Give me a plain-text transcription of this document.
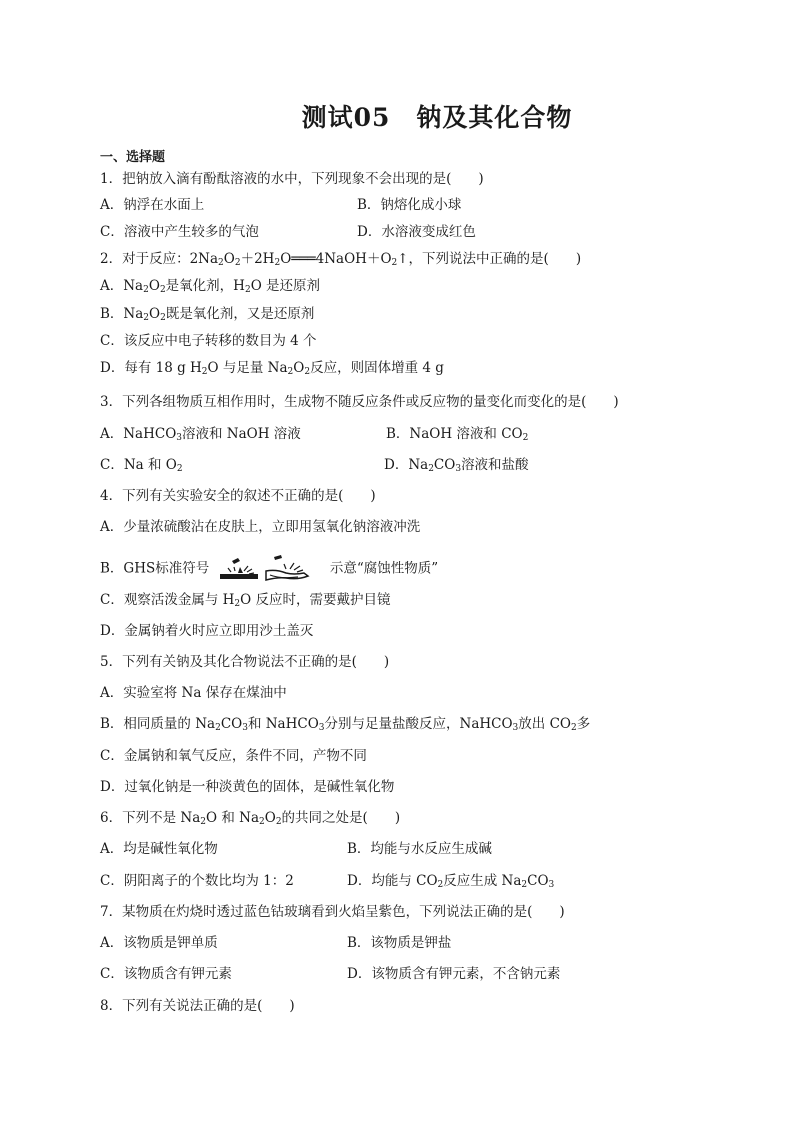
测试05　钠及其化合物
一、选择题
1．把钠放入滴有酚酞溶液的水中，下列现象不会出现的是(　　)
A．钠浮在水面上	B．钠熔化成小球
C．溶液中产生较多的气泡	D．水溶液变成红色
2．对于反应：$2Na_2O_2+2H_2O═══4NaOH+O_2↑$，下列说法中正确的是(　　)
A．$Na_2O_2$是氧化剂，$H_2O$ 是还原剂
B．$Na_2O_2$既是氧化剂，又是还原剂
C．该反应中电子转移的数目为 4 个
D．每有 18 g $H_2O$ 与足量 $Na_2O_2$反应，则固体增重 4 g
3．下列各组物质互相作用时，生成物不随反应条件或反应物的量变化而变化的是(　　)
A．NaHCO$_3$溶液和 NaOH 溶液	B．NaOH 溶液和 $CO_2$
C．Na 和 $O_2$	D．$Na_2CO_3$溶液和盐酸
4．下列有关实验安全的叙述不正确的是(　　)
A．少量浓硫酸沾在皮肤上，立即用氢氧化钠溶液冲洗
B．GHS标准符号	示意“腐蚀性物质”
C．观察活泼金属与 $H_2O$ 反应时，需要戴护目镜
D．金属钠着火时应立即用沙土盖灭
5．下列有关钠及其化合物说法不正确的是(　　)
A．实验室将 Na 保存在煤油中
B．相同质量的 $Na_2CO_3$和 NaHCO$_3$分别与足量盐酸反应，NaHCO$_3$放出 $CO_2$多
C．金属钠和氧气反应，条件不同，产物不同
D．过氧化钠是一种淡黄色的固体，是碱性氧化物
6．下列不是 $Na_2O$ 和 $Na_2O_2$的共同之处是(　　)
A．均是碱性氧化物	B．均能与水反应生成碱
C．阴阳离子的个数比均为 1：2	D．均能与 $CO_2$反应生成 $Na_2CO_3$
7．某物质在灼烧时透过蓝色钴玻璃看到火焰呈紫色，下列说法正确的是(　　)
A．该物质是钾单质	B．该物质是钾盐
C．该物质含有钾元素	D．该物质含有钾元素，不含钠元素
8．下列有关说法正确的是(　　)
